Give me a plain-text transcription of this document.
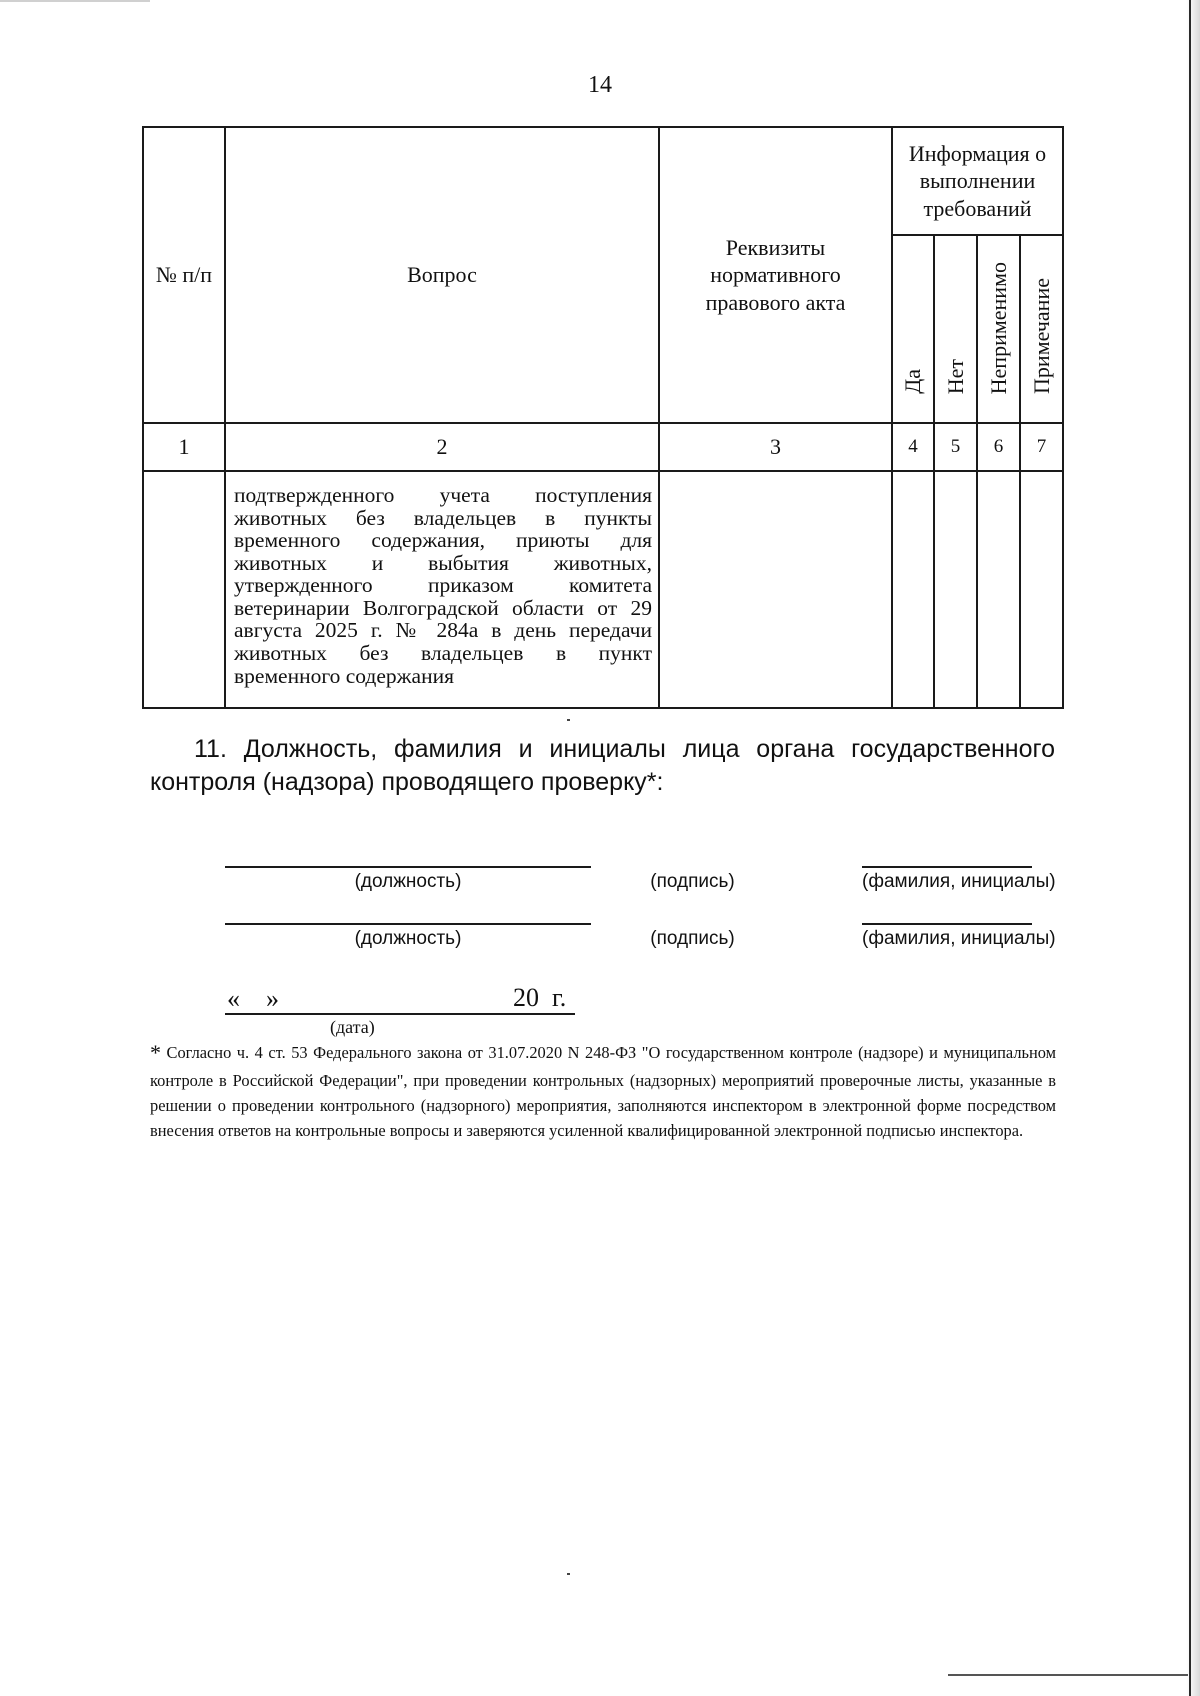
14
№ п/п	Вопрос	Реквизиты нормативного правового акта	Информация о выполнении требований			
			Да	Нет	Неприменимо	Примечание
1	2	3	4	5	6	7
	подтвержденного учета поступления животных без владельцев в пункты временного содержания, приюты для животных и выбытия животных, утвержденного приказом комитета ветеринарии Волгоградской области от 29 августа 2025 г. № 284а в день передачи животных без владельцев в пункт временного содержания					
11. Должность, фамилия и инициалы лица органа государственного контроля (надзора) проводящего проверку*:
(должность)	(подпись)	(фамилия, инициалы)
(должность)	(подпись)	(фамилия, инициалы)
« »	20  г.
(дата)
* Согласно ч. 4 ст. 53 Федерального закона от 31.07.2020 N 248-ФЗ "О государственном контроле (надзоре) и муниципальном контроле в Российской Федерации", при проведении контрольных (надзорных) мероприятий проверочные листы, указанные в решении о проведении контрольного (надзорного) мероприятия, заполняются инспектором в электронной форме посредством внесения ответов на контрольные вопросы и заверяются усиленной квалифицированной электронной подписью инспектора.
